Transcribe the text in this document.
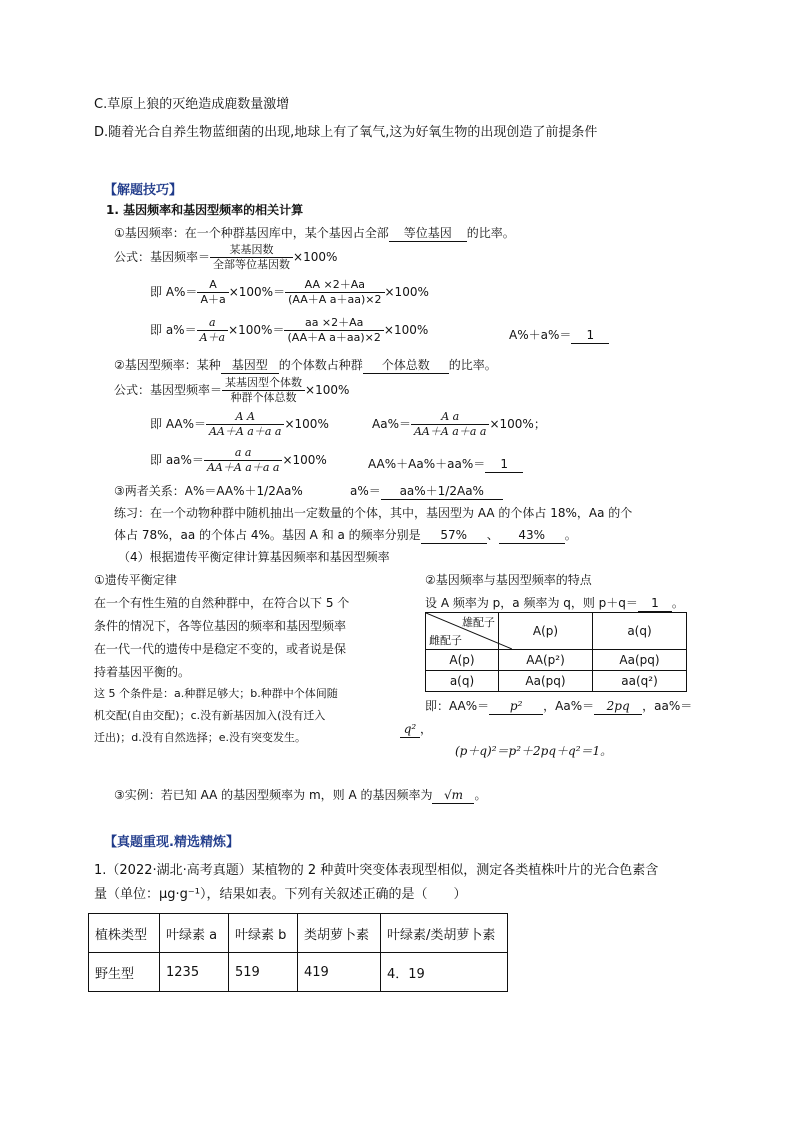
C.草原上狼的灭绝造成鹿数量激增
D.随着光合自养生物蓝细菌的出现,地球上有了氧气,这为好氧生物的出现创造了前提条件
【解题技巧】
1. 基因频率和基因型频率的相关计算
①基因频率：在一个种群基因库中，某个基因占全部 等位基因 的比率。
公式：基因频率＝ $\frac{\text{某基因数}}{\text{全部等位基因数}} \times 100\%$
即 $A\%= \frac{A}{A+a} \times 100\%= \frac{AA \times 2+Aa}{\text{(AA＋A a＋aa)×2}} \times 100\%$
即 $a\%= \frac{a}{A+a} \times 100\%= \frac{aa \times 2+Aa}{\text{(AA＋A a＋aa)×2}} \times 100\%$	A%＋a%＝ 1
②基因型频率：某种 基因型 的个体数占种群 个体总数 的比率。
公式：基因型频率＝ $\frac{\text{某基因型个体数}}{\text{种群个体总数}} \times 100\%$
即 $AA\%= \frac{\text{A A}}{\text{AA＋A a＋a a}} \times 100\%$	$Aa\%= \frac{\text{A a}}{\text{AA＋A a＋a a}} \times 100\%$；
即 $aa\%= \frac{\text{a a}}{\text{AA＋A a＋a a}} \times 100\%$	AA%＋Aa%＋aa%＝ 1
③两者关系：A%＝AA%＋1/2Aa%	a%＝ aa%＋1/2Aa%
练习：在一个动物种群中随机抽出一定数量的个体，其中，基因型为 AA 的个体占 18%，Aa 的个
体占 78%，aa 的个体占 4%。基因 A 和 a 的频率分别是 57% 、 43% 。
（4）根据遗传平衡定律计算基因频率和基因型频率
①遗传平衡定律
在一个有性生殖的自然种群中，在符合以下 5 个
条件的情况下，各等位基因的频率和基因型频率
在一代一代的遗传中是稳定不变的，或者说是保
持着基因平衡的。
这 5 个条件是：a.种群足够大；b.种群中个体间随
机交配(自由交配)；c.没有新基因加入(没有迁入
迁出)；d.没有自然选择；e.没有突变发生。
②基因频率与基因型频率的特点
设 A 频率为 p，a 频率为 q，则 p＋q＝ 1 。
雄配子
雌配子	A(p)	a(q)
A(p)	AA(p²)	Aa(pq)
a(q)	Aa(pq)	aa(q²)
即：AA%＝ p² ，Aa%＝ 2pq ，aa%＝
q² ，
(p＋q)²＝p²＋2pq＋q²＝1。
③实例：若已知 AA 的基因型频率为 m，则 A 的基因频率为 √m 。
【真题重现.精选精炼】
1.（2022·湖北·高考真题）某植物的 2 种黄叶突变体表现型相似，测定各类植株叶片的光合色素含
量（单位：μg·g⁻¹），结果如表。下列有关叙述正确的是（　　）
植株类型	叶绿素 a	叶绿素 b	类胡萝卜素	叶绿素/类胡萝卜素
野生型	1235	519	419	4．19
